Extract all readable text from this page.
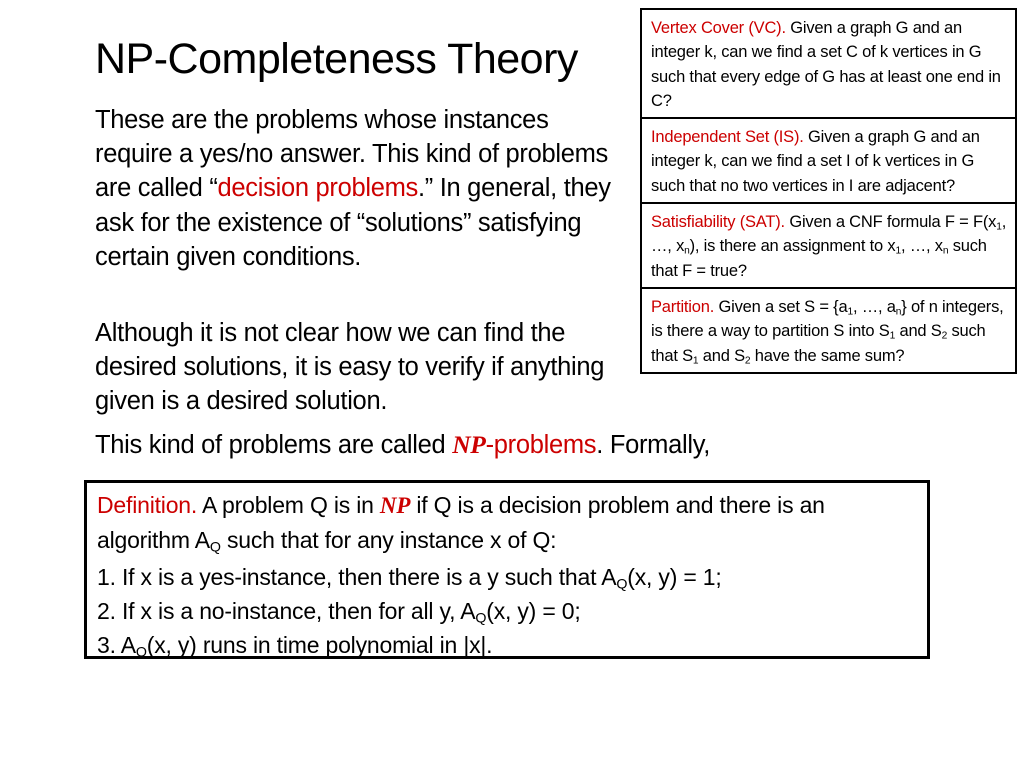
NP-Completeness Theory

These are the problems whose instances require a yes/no answer. This kind of problems are called “decision problems.” In general, they ask for the existence of “solutions” satisfying certain given conditions.

Although it is not clear how we can find the desired solutions, it is easy to verify if anything given is a desired solution.

This kind of problems are called NP-problems. Formally,

Vertex Cover (VC). Given a graph G and an integer k, can we find a set C of k vertices in G such that every edge of G has at least one end in C?
Independent Set (IS). Given a graph G and an integer k, can we find a set I of k vertices in G such that no two vertices in I are adjacent?
Satisfiability (SAT). Given a CNF formula $F = F(x_1$, …, $x_n$), is there an assignment to $x_1$, …, $x_n$ such that F = true?
Partition. Given a set $S = \{a_1$, …, $a_n$} of n integers, is there a way to partition S into $S_1$ and $S_2$ such that $S_1$ and $S_2$ have the same sum?

Definition. A problem Q is in NP if Q is a decision problem and there is an algorithm $A_Q$ such that for any instance x of Q:

1. If x is a yes-instance, then there is a y such that $A_Q(x$, y) = 1;

2. If x is a no-instance, then for all y, $A_Q(x$, y) = 0;

3. $A_Q(x$, y) runs in time polynomial in |x|.
